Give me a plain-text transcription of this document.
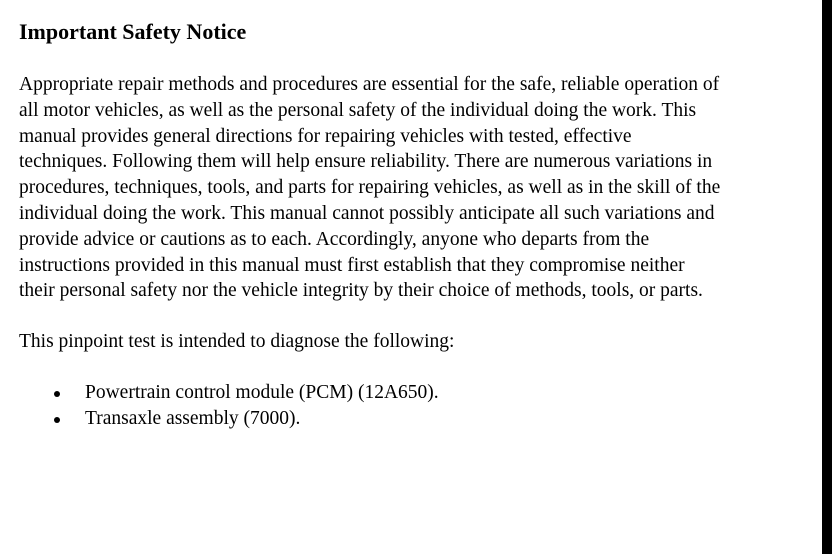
Important Safety Notice

Appropriate repair methods and procedures are essential for the safe, reliable operation of
all motor vehicles, as well as the personal safety of the individual doing the work. This
manual provides general directions for repairing vehicles with tested, effective
techniques. Following them will help ensure reliability. There are numerous variations in
procedures, techniques, tools, and parts for repairing vehicles, as well as in the skill of the
individual doing the work. This manual cannot possibly anticipate all such variations and
provide advice or cautions as to each. Accordingly, anyone who departs from the
instructions provided in this manual must first establish that they compromise neither
their personal safety nor the vehicle integrity by their choice of methods, tools, or parts.

This pinpoint test is intended to diagnose the following:

Powertrain control module (PCM) (12A650).
Transaxle assembly (7000).
